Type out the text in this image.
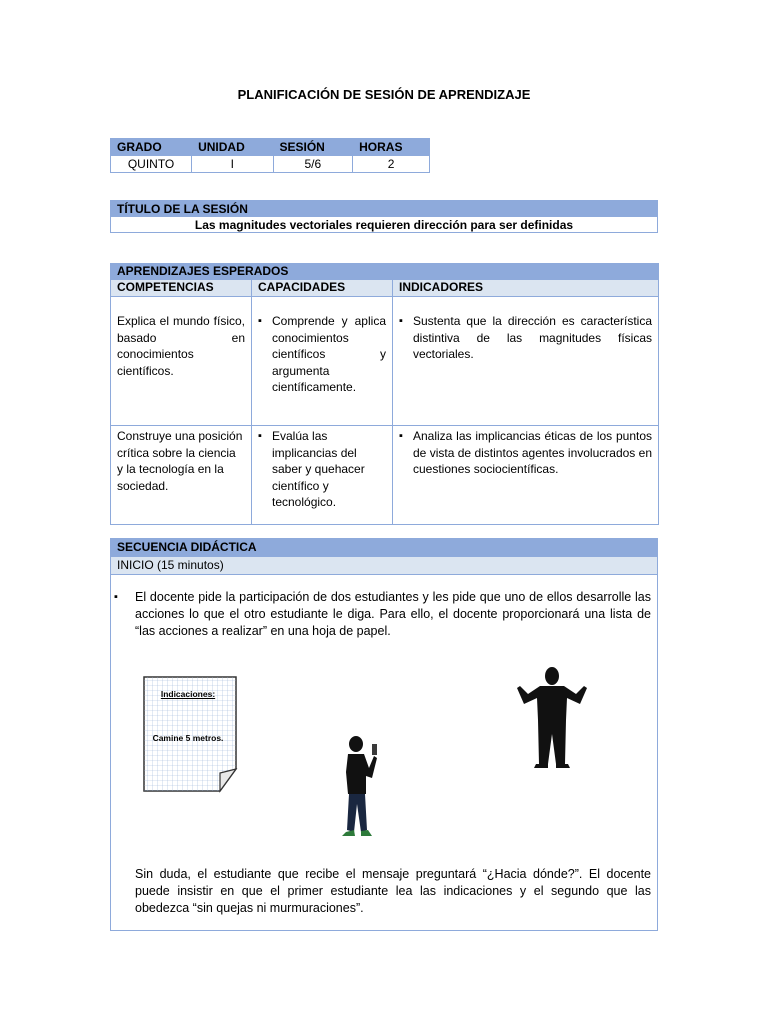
PLANIFICACIÓN DE SESIÓN DE APRENDIZAJE
GRADO	UNIDAD	SESIÓN	HORAS
QUINTO	I	5/6	2
TÍTULO DE LA SESIÓN
Las magnitudes vectoriales requieren dirección para ser definidas
APRENDIZAJES ESPERADOS		
COMPETENCIAS	CAPACIDADES	INDICADORES
Explica el mundo físico, basado en conocimientos científicos.	▪ Comprende y aplica conocimientos científicos y argumenta científicamente.	▪ Sustenta que la dirección es característica distintiva de las magnitudes físicas vectoriales.

Construye una posición crítica sobre la ciencia y la tecnología en la sociedad.	▪ Evalúa las implicancias del saber y quehacer científico y tecnológico.	▪ Analiza las implicancias éticas de los puntos de vista de distintos agentes involucrados en cuestiones sociocientíficas.
SECUENCIA DIDÁCTICA
INICIO (15 minutos)
▪ El docente pide la participación de dos estudiantes y les pide que uno de ellos desarrolle las acciones lo que el otro estudiante le diga. Para ello, el docente proporcionará una lista de “las acciones a realizar” en una hoja de papel.
Indicaciones:
Camine 5 metros.
Sin duda, el estudiante que recibe el mensaje preguntará “¿Hacia dónde?”. El docente puede insistir en que el primer estudiante lea las indicaciones y el segundo que las obedezca “sin quejas ni murmuraciones”.
